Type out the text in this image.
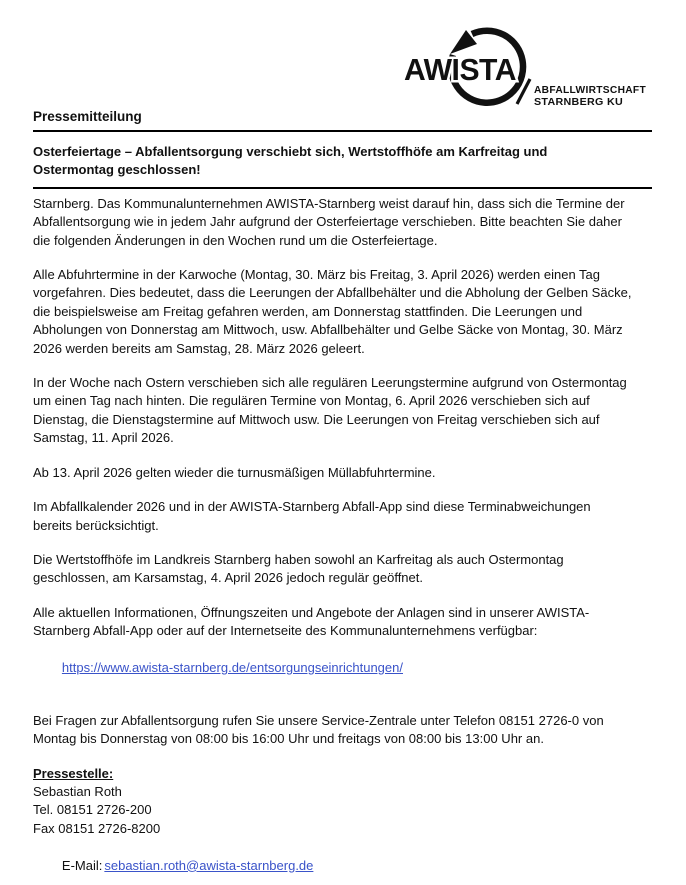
AWISTA
ABFALLWIRTSCHAFT
STARNBERG KU
Pressemitteilung
Osterfeiertage – Abfallentsorgung verschiebt sich, Wertstoffhöfe am Karfreitag und
Ostermontag geschlossen!
Starnberg. Das Kommunalunternehmen AWISTA-Starnberg weist darauf hin, dass sich die Termine der
Abfallentsorgung wie in jedem Jahr aufgrund der Osterfeiertage verschieben. Bitte beachten Sie daher
die folgenden Änderungen in den Wochen rund um die Osterfeiertage.
Alle Abfuhrtermine in der Karwoche (Montag, 30. März bis Freitag, 3. April 2026) werden einen Tag
vorgefahren. Dies bedeutet, dass die Leerungen der Abfallbehälter und die Abholung der Gelben Säcke,
die beispielsweise am Freitag gefahren werden, am Donnerstag stattfinden. Die Leerungen und
Abholungen von Donnerstag am Mittwoch, usw. Abfallbehälter und Gelbe Säcke von Montag, 30. März
2026 werden bereits am Samstag, 28. März 2026 geleert.
In der Woche nach Ostern verschieben sich alle regulären Leerungstermine aufgrund von Ostermontag
um einen Tag nach hinten. Die regulären Termine von Montag, 6. April 2026 verschieben sich auf
Dienstag, die Dienstagstermine auf Mittwoch usw. Die Leerungen von Freitag verschieben sich auf
Samstag, 11. April 2026.
Ab 13. April 2026 gelten wieder die turnusmäßigen Müllabfuhrtermine.
Im Abfallkalender 2026 und in der AWISTA-Starnberg Abfall-App sind diese Terminabweichungen
bereits berücksichtigt.
Die Wertstoffhöfe im Landkreis Starnberg haben sowohl an Karfreitag als auch Ostermontag
geschlossen, am Karsamstag, 4. April 2026 jedoch regulär geöffnet.
Alle aktuellen Informationen, Öffnungszeiten und Angebote der Anlagen sind in unserer AWISTA-
Starnberg Abfall-App oder auf der Internetseite des Kommunalunternehmens verfügbar:

https://www.awista-starnberg.de/entsorgungseinrichtungen/

Bei Fragen zur Abfallentsorgung rufen Sie unsere Service-Zentrale unter Telefon 08151 2726-0 von
Montag bis Donnerstag von 08:00 bis 16:00 Uhr und freitags von 08:00 bis 13:00 Uhr an.
Pressestelle:
Sebastian Roth
Tel. 08151 2726-200
Fax 08151 2726-8200

E-Mail: sebastian.roth@awista-starnberg.de
